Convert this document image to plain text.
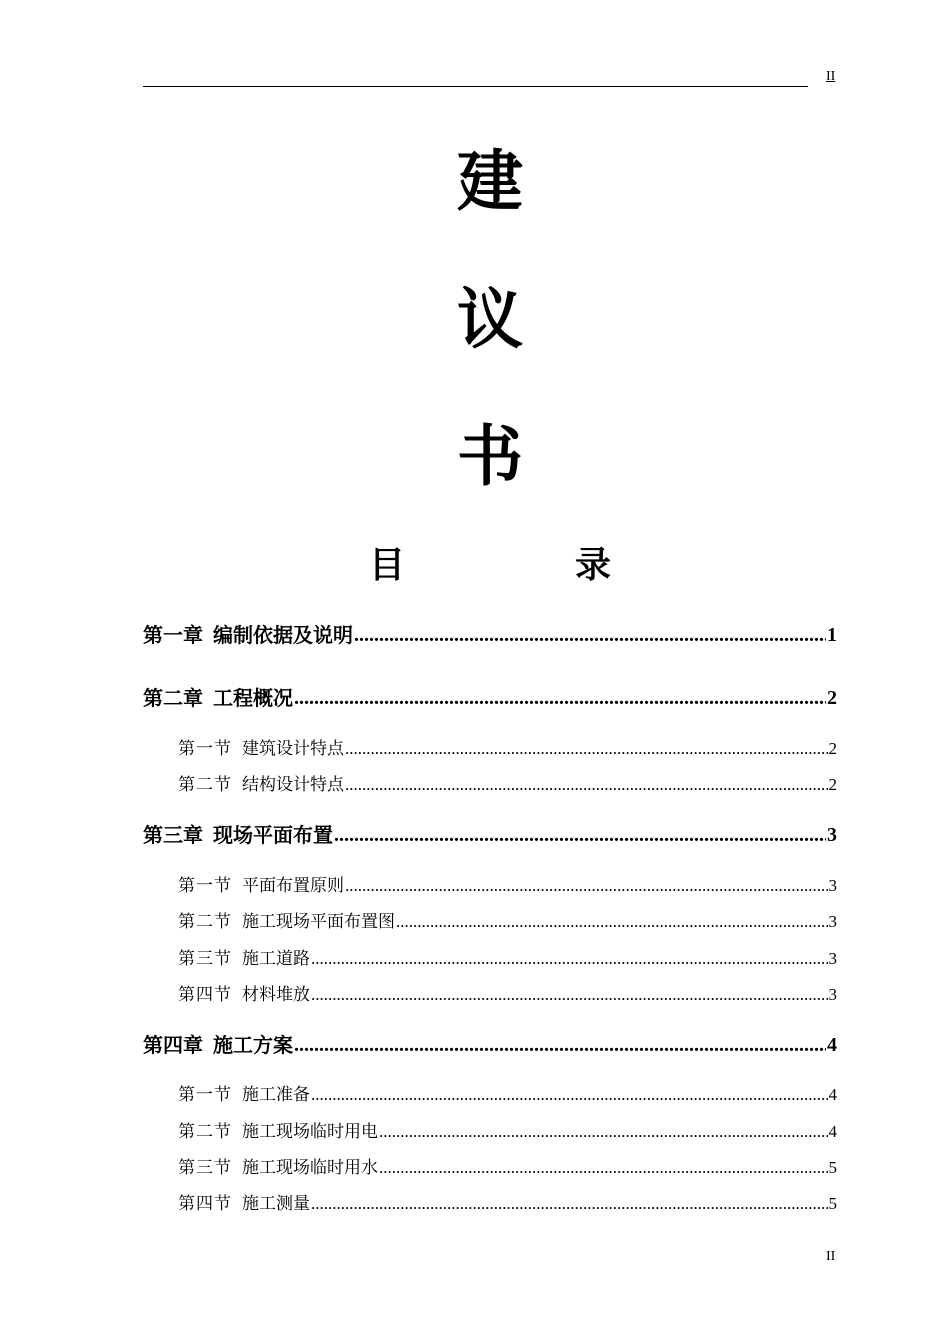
II
建
议
书
目	录
第一章 编制依据及说明 .....	1
第二章 工程概况 .....	2
第一节 建筑设计特点 .....	2
第二节 结构设计特点 .....	2
第三章 现场平面布置 .....	3
第一节 平面布置原则 .....	3
第二节 施工现场平面布置图 .....	3
第三节 施工道路 .....	3
第四节 材料堆放 .....	3
第四章 施工方案 .....	4
第一节 施工准备 .....	4
第二节 施工现场临时用电 .....	4
第三节 施工现场临时用水 .....	5
第四节 施工测量 .....	5
II
